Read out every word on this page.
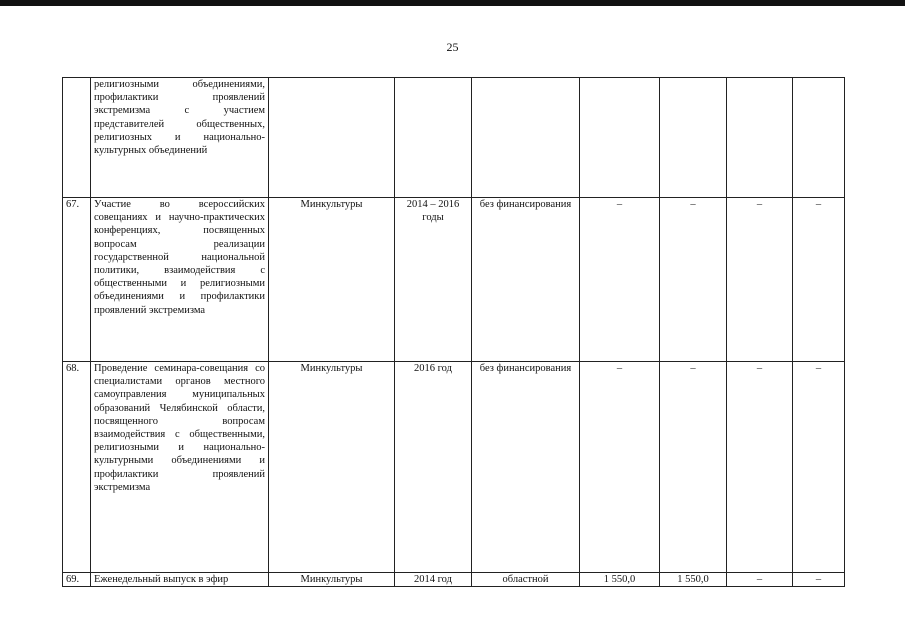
25
	религиозными объединениями, профилактики проявлений экстремизма с участием представителей общественных, религиозных и национально-культурных объединений							
67.	Участие во всероссийских совещаниях и научно-практических конференциях, посвященных вопросам реализации государственной национальной политики, взаимодействия с общественными и религиозными объединениями и профилактики проявлений экстремизма	Минкультуры	2014 – 2016 годы	без финансирования	–	–	–	–
68.	Проведение семинара-совещания со специалистами органов местного самоуправления муниципальных образований Челябинской области, посвященного вопросам взаимодействия с общественными, религиозными и национально-культурными объединениями и профилактики проявлений экстремизма	Минкультуры	2016 год	без финансирования	–	–	–	–
69.	Еженедельный выпуск в эфир	Минкультуры	2014 год	областной	1 550,0	1 550,0	–	–
